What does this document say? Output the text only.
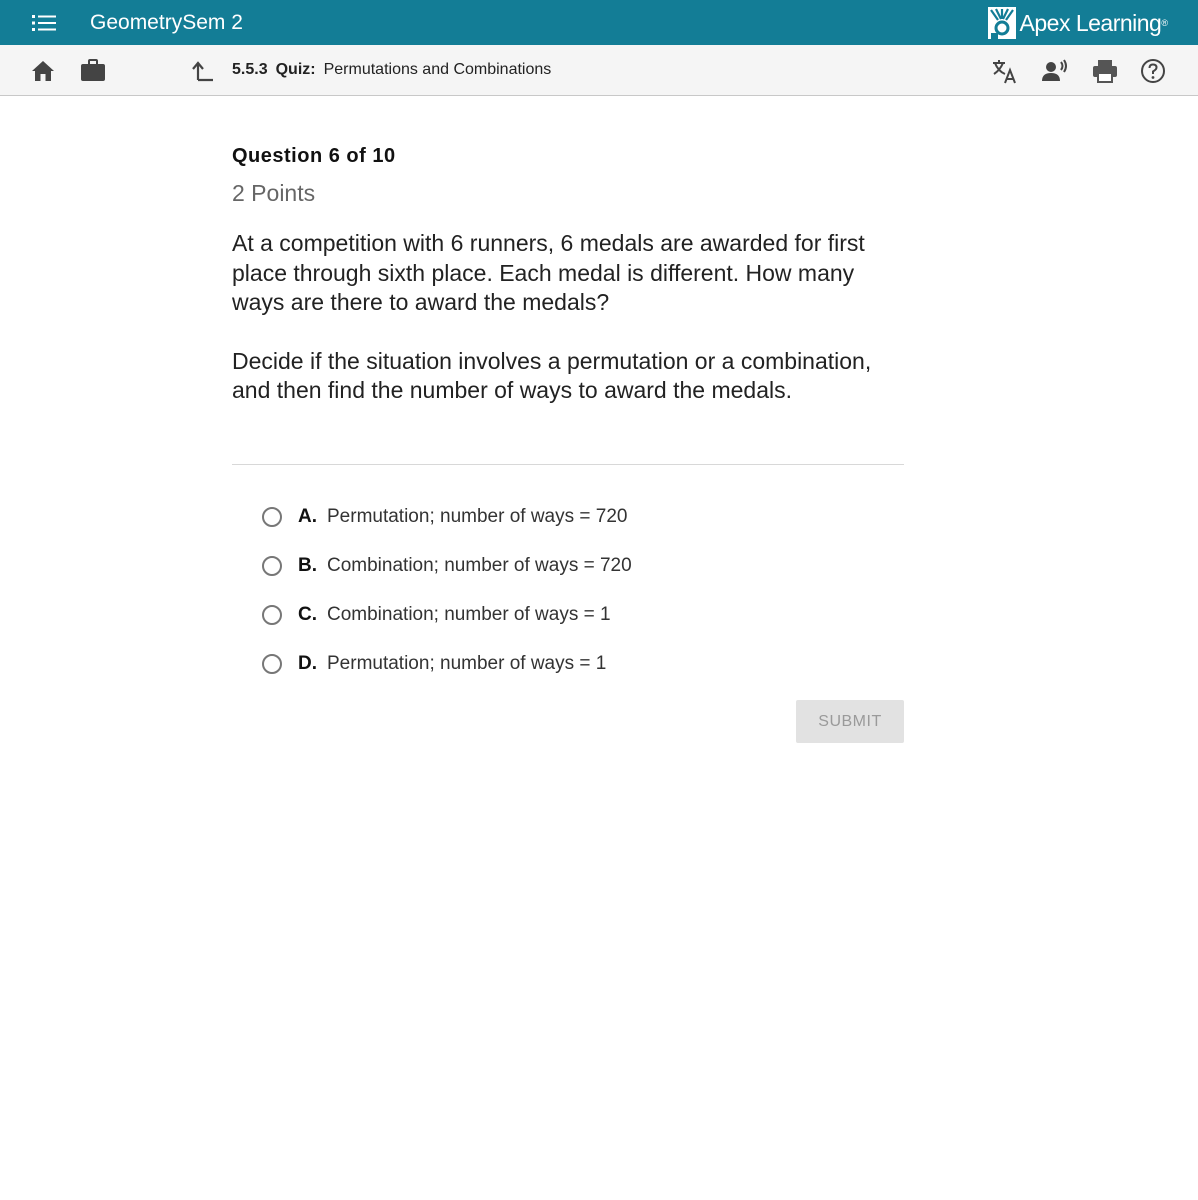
GeometrySem 2	Apex Learning ®
5.5.3 Quiz: Permutations and Combinations
Question 6 of 10
2 Points

At a competition with 6 runners, 6 medals are awarded for first place through sixth place. Each medal is different. How many ways are there to award the medals?

Decide if the situation involves a permutation or a combination, and then find the number of ways to award the medals.

A. Permutation; number of ways = 720
B. Combination; number of ways = 720
C. Combination; number of ways = 1
D. Permutation; number of ways = 1
SUBMIT
